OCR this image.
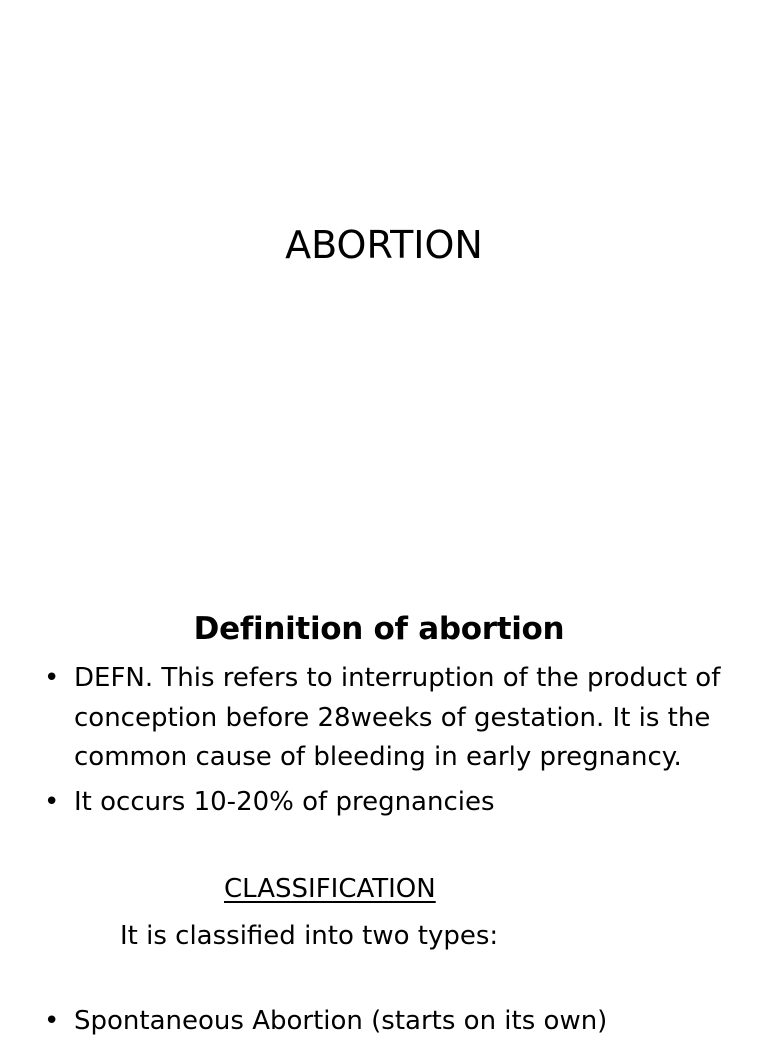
ABORTION
Definition of abortion
• DEFN. This refers to interruption of the product of conception before 28weeks of gestation. It is the common cause of bleeding in early pregnancy.
• It occurs 10-20% of pregnancies
CLASSIFICATION
It is classified into two types:
• Spontaneous Abortion (starts on its own)
